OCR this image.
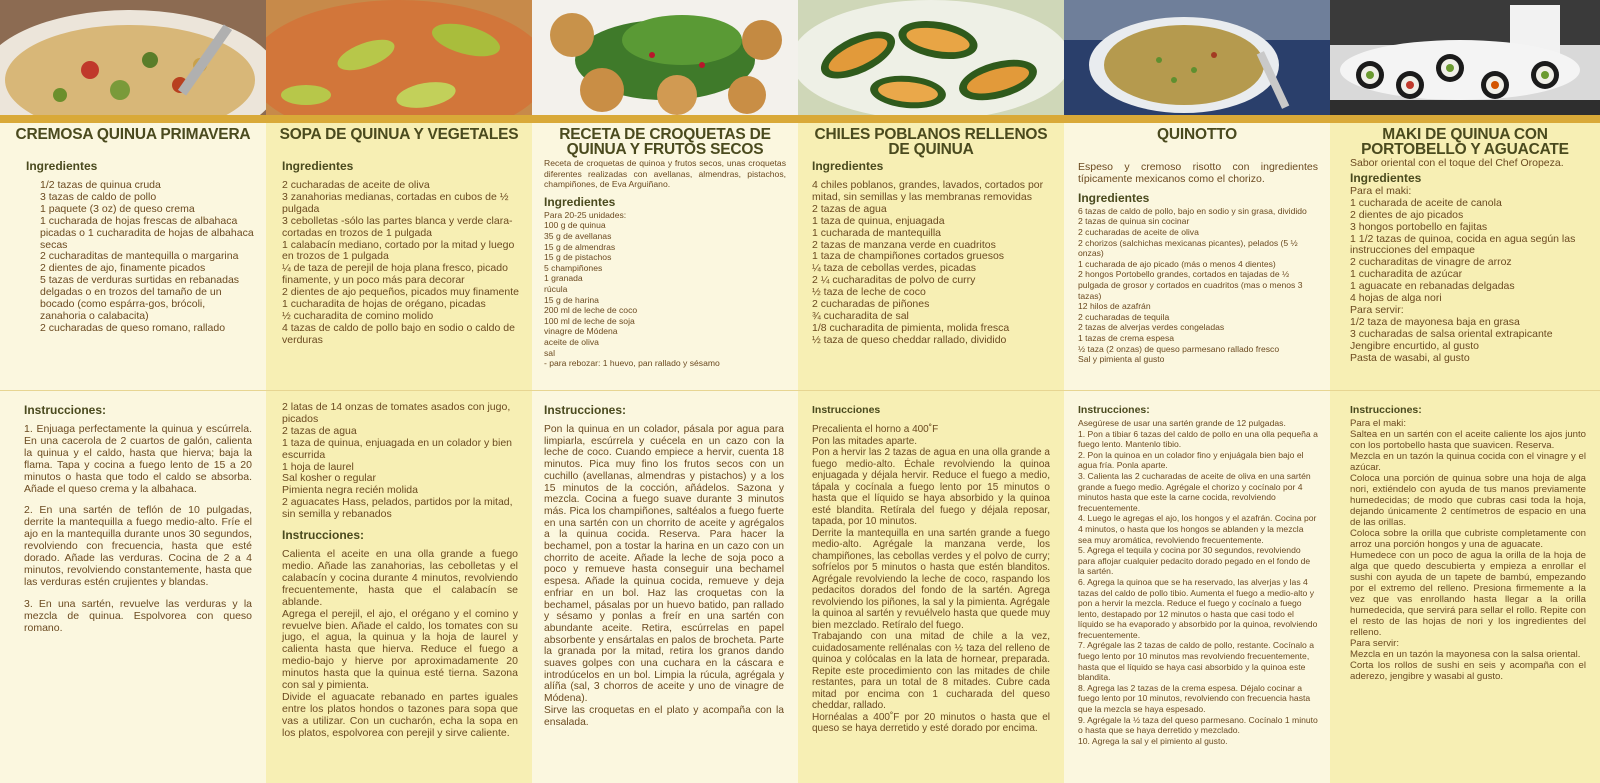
CREMOSA QUINUA PRIMAVERA
Ingredientes
1/2 tazas de quinua cruda
3 tazas de caldo de pollo
1 paquete (3 oz) de queso crema
1 cucharada de hojas frescas de albahaca picadas o 1 cucharadita de hojas de albahaca secas
2 cucharaditas de mantequilla o margarina
2 dientes de ajo, finamente picados
5 tazas de verduras surtidas en rebanadas delgadas o en trozos del tamaño de un bocado (como espárra-gos, brócoli, zanahoria o calabacita)
2 cucharadas de queso romano, rallado
Instrucciones:
1. Enjuaga perfectamente la quinua y escúrrela. En una cacerola de 2 cuartos de galón, calienta la quinua y el caldo, hasta que hierva; baja la flama. Tapa y cocina a fuego lento de 15 a 20 minutos o hasta que todo el caldo se absorba. Añade el queso crema y la albahaca.
2. En una sartén de teflón de 10 pulgadas, derrite la mantequilla a fuego medio-alto. Fríe el ajo en la mantequilla durante unos 30 segundos, revolviendo con frecuencia, hasta que esté dorado. Añade las verduras. Cocina de 2 a 4 minutos, revolviendo constantemente, hasta que las verduras estén crujientes y blandas.
3. En una sartén, revuelve las verduras y la mezcla de quinua. Espolvorea con queso romano.
SOPA DE QUINUA Y VEGETALES
Ingredientes
2 cucharadas de aceite de oliva
3 zanahorias medianas, cortadas en cubos de ½ pulgada
3 cebolletas -sólo las partes blanca y verde clara- cortadas en trozos de 1 pulgada
1 calabacín mediano, cortado por la mitad y luego en trozos de 1 pulgada
¼ de taza de perejil de hoja plana fresco, picado finamente, y un poco más para decorar
2 dientes de ajo pequeños, picados muy finamente
1 cucharadita de hojas de orégano, picadas
½ cucharadita de comino molido
4 tazas de caldo de pollo bajo en sodio o caldo de verduras
2 latas de 14 onzas de tomates asados con jugo, picados
2 tazas de agua
1 taza de quinua, enjuagada en un colador y bien escurrida
1 hoja de laurel
Sal kosher o regular
Pimienta negra recién molida
2 aguacates Hass, pelados, partidos por la mitad, sin semilla y rebanados
Instrucciones:
Calienta el aceite en una olla grande a fuego medio. Añade las zanahorias, las cebolletas y el calabacín y cocina durante 4 minutos, revolviendo frecuentemente, hasta que el calabacín se ablande.
Agrega el perejil, el ajo, el orégano y el comino y revuelve bien. Añade el caldo, los tomates con su jugo, el agua, la quinua y la hoja de laurel y calienta hasta que hierva. Reduce el fuego a medio-bajo y hierve por aproximadamente 20 minutos hasta que la quinua esté tierna. Sazona con sal y pimienta.
Divide el aguacate rebanado en partes iguales entre los platos hondos o tazones para sopa que vas a utilizar. Con un cucharón, echa la sopa en los platos, espolvorea con perejil y sirve caliente.
RECETA DE CROQUETAS DE QUINUA Y FRUTOS SECOS
Receta de croquetas de quinoa y frutos secos, unas croquetas diferentes realizadas con avellanas, almendras, pistachos, champiñones, de Eva Arguiñano.
Ingredientes
Para 20-25 unidades:
100 g de quinua
35 g de avellanas
15 g de almendras
15 g de pistachos
5 champiñones
1 granada
rúcula
15 g de harina
200 ml de leche de coco
100 ml de leche de soja
vinagre de Módena
aceite de oliva
sal
- para rebozar: 1 huevo, pan rallado y sésamo
Instrucciones:
Pon la quinua en un colador, pásala por agua para limpiarla, escúrrela y cuécela en un cazo con la leche de coco. Cuando empiece a hervir, cuenta 18 minutos. Pica muy fino los frutos secos con un cuchillo (avellanas, almendras y pistachos) y a los 15 minutos de la cocción, añádelos. Sazona y mezcla. Cocina a fuego suave durante 3 minutos más. Pica los champiñones, saltéalos a fuego fuerte en una sartén con un chorrito de aceite y agrégalos a la quinua cocida. Reserva. Para hacer la bechamel, pon a tostar la harina en un cazo con un chorrito de aceite. Añade la leche de soja poco a poco y remueve hasta conseguir una bechamel espesa. Añade la quinua cocida, remueve y deja enfriar en un bol. Haz las croquetas con la bechamel, pásalas por un huevo batido, pan rallado y sésamo y ponlas a freír en una sartén con abundante aceite. Retira, escúrrelas en papel absorbente y ensártalas en palos de brocheta. Parte la granada por la mitad, retira los granos dando suaves golpes con una cuchara en la cáscara e introdúcelos en un bol. Limpia la rúcula, agrégala y alíña (sal, 3 chorros de aceite y uno de vinagre de Módena).
Sirve las croquetas en el plato y acompaña con la ensalada.
CHILES POBLANOS RELLENOS DE QUINUA
Ingredientes
4 chiles poblanos, grandes, lavados, cortados por mitad, sin semillas y las membranas removidas
2 tazas de agua
1 taza de quinua, enjuagada
1 cucharada de mantequilla
2 tazas de manzana verde en cuadritos
1 taza de champiñones cortados gruesos
¼ taza de cebollas verdes, picadas
2 ¼ cucharaditas de polvo de curry
½ taza de leche de coco
2 cucharadas de piñones
¾ cucharadita de sal
1/8 cucharadita de pimienta, molida fresca
½ taza de queso cheddar rallado, dividido
Instrucciones
Precalienta el horno a 400˚F
Pon las mitades aparte.
Pon a hervir las 2 tazas de agua en una olla grande a fuego medio-alto. Échale revolviendo la quinoa enjuagada y déjala hervir. Reduce el fuego a medio, tápala y cocínala a fuego lento por 15 minutos o hasta que el líquido se haya absorbido y la quinoa esté blandita. Retírala del fuego y déjala reposar, tapada, por 10 minutos.
Derrite la mantequilla en una sartén grande a fuego medio-alto. Agrégale la manzana verde, los champiñones, las cebollas verdes y el polvo de curry; sofríelos por 5 minutos o hasta que estén blanditos. Agrégale revolviendo la leche de coco, raspando los pedacitos dorados del fondo de la sartén. Agrega revolviendo los piñones, la sal y la pimienta. Agrégale la quinoa al sartén y revuélvelo hasta que quede muy bien mezclado. Retíralo del fuego.
Trabajando con una mitad de chile a la vez, cuidadosamente rellénalas con ½ taza del relleno de quinoa y colócalas en la lata de hornear, preparada. Repite este procedimiento con las mitades de chile restantes, para un total de 8 mitades. Cubre cada mitad por encima con 1 cucharada del queso cheddar, rallado.
Hornéalas a 400˚F por 20 minutos o hasta que el queso se haya derretido y esté dorado por encima.
QUINOTTO
Espeso y cremoso risotto con ingredientes típicamente mexicanos como el chorizo.
Ingredientes
6 tazas de caldo de pollo, bajo en sodio y sin grasa, dividido
2 tazas de quinua sin cocinar
2 cucharadas de aceite de oliva
2 chorizos (salchichas mexicanas picantes), pelados (5 ½ onzas)
1 cucharada de ajo picado (más o menos 4 dientes)
2 hongos Portobello grandes, cortados en tajadas de ½ pulgada de grosor y cortados en cuadritos (mas o menos 3 tazas)
12 hilos de azafrán
2 cucharadas de tequila
2 tazas de alverjas verdes congeladas
1 tazas de crema espesa
½ taza (2 onzas) de queso parmesano rallado fresco
Sal y pimienta al gusto
Instrucciones:
Asegúrese de usar una sartén grande de 12 pulgadas.
1. Pon a tibiar 6 tazas del caldo de pollo en una olla pequeña a fuego lento. Mantenlo tibio.
2. Pon la quinoa en un colador fino y enjuágala bien bajo el agua fría. Ponla aparte.
3. Calienta las 2 cucharadas de aceite de oliva en una sartén grande a fuego medio. Agrégale el chorizo y cocínalo por 4 minutos hasta que este la carne cocida, revolviendo frecuentemente.
4. Luego le agregas el ajo, los hongos y el azafrán. Cocina por 4 minutos, o hasta que los hongos se ablanden y la mezcla sea muy aromática, revolviendo frecuentemente.
5. Agrega el tequila y cocina por 30 segundos, revolviendo para aflojar cualquier pedacito dorado pegado en el fondo de la sartén.
6. Agrega la quinoa que se ha reservado, las alverjas y las 4 tazas del caldo de pollo tibio. Aumenta el fuego a medio-alto y pon a hervir la mezcla. Reduce el fuego y cocínalo a fuego lento, destapado por 12 minutos o hasta que casi todo el líquido se ha evaporado y absorbido por la quinoa, revolviendo frecuentemente.
7. Agrégale las 2 tazas de caldo de pollo, restante. Cocínalo a fuego lento por 10 minutos mas revolviendo frecuentemente, hasta que el líquido se haya casi absorbido y la quinoa este blandita.
8. Agrega las 2 tazas de la crema espesa. Déjalo cocinar a fuego lento por 10 minutos, revolviendo con frecuencia hasta que la mezcla se haya espesado.
9. Agrégale la ½ taza del queso parmesano. Cocínalo 1 minuto o hasta que se haya derretido y mezclado.
10. Agrega la sal y el pimiento al gusto.
MAKI DE QUINUA CON PORTOBELLO Y AGUACATE
Sabor oriental con el toque del Chef Oropeza.
Ingredientes
Para el maki:
1 cucharada de aceite de canola
2 dientes de ajo picados
3 hongos portobello en fajitas
1 1/2 tazas de quinoa, cocida en agua según las instrucciones del empaque
2 cucharaditas de vinagre de arroz
1 cucharadita de azúcar
1 aguacate en rebanadas delgadas
4 hojas de alga nori
Para servir:
1/2 taza de mayonesa baja en grasa
3 cucharadas de salsa oriental extrapicante
Jengibre encurtido, al gusto
Pasta de wasabi, al gusto
Instrucciones:
Para el maki:
Saltea en un sartén con el aceite caliente los ajos junto con los portobello hasta que suavicen. Reserva.
Mezcla en un tazón la quinua cocida con el vinagre y el azúcar.
Coloca una porción de quinua sobre una hoja de alga nori, extiéndelo con ayuda de tus manos previamente humedecidas; de modo que cubras casi toda la hoja, dejando únicamente 2 centímetros de espacio en una de las orillas.
Coloca sobre la orilla que cubriste completamente con arroz una porción hongos y una de aguacate.
Humedece con un poco de agua la orilla de la hoja de alga que quedo descubierta y empieza a enrollar el sushi con ayuda de un tapete de bambú, empezando por el extremo del relleno. Presiona firmemente a la vez que vas enrollando hasta llegar a la orilla humedecida, que servirá para sellar el rollo. Repite con el resto de las hojas de nori y los ingredientes del relleno.
Para servir:
Mezcla en un tazón la mayonesa con la salsa oriental.
Corta los rollos de sushi en seis y acompaña con el aderezo, jengibre y wasabi al gusto.
